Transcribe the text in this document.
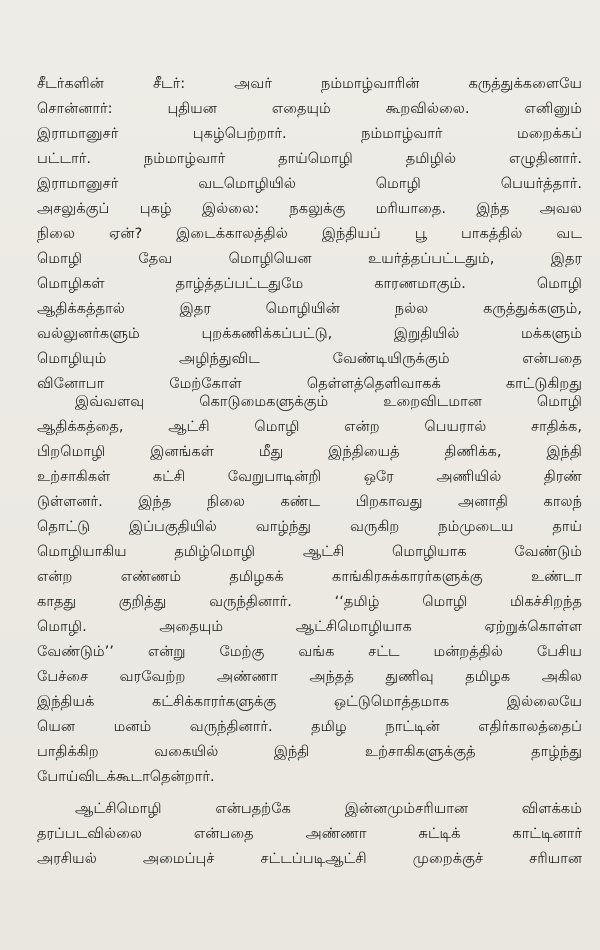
சீடர்களின் சீடர்: அவர் நம்மாழ்வாரின் கருத்துக்களையே
சொன்னார்: புதியன எதையும் கூறவில்லை. எனினும்
இராமானுசர் புகழ்பெற்றார். நம்மாழ்வார் மறைக்கப்
பட்டார். நம்மாழ்வார் தாய்மொழி தமிழில் எழுதினார்.
இராமானுசர் வடமொழியில் மொழி பெயர்த்தார்.
அசலுக்குப் புகழ் இல்லை: நகலுக்கு மரியாதை. இந்த அவல
நிலை ஏன்? இடைக்காலத்தில் இந்தியப் பூ பாகத்தில் வட
மொழி தேவ மொழியென உயர்த்தப்பட்டதும், இதர
மொழிகள் தாழ்த்தப்பட்டதுமே காரணமாகும். மொழி
ஆதிக்கத்தால் இதர மொழியின் நல்ல கருத்துக்களும்,
வல்லுனர்களும் புறக்கணிக்கப்பட்டு, இறுதியில் மக்களும்
மொழியும் அழிந்துவிட வேண்டியிருக்கும் என்பதை
வினோபா மேற்கோள் தெள்ளத்தெளிவாகக் காட்டுகிறது
இவ்வளவு கொடுமைகளுக்கும் உறைவிடமான மொழி
ஆதிக்கத்தை, ஆட்சி மொழி என்ற பெயரால் சாதிக்க,
பிறமொழி இனங்கள் மீது இந்தியைத் திணிக்க, இந்தி
உற்சாகிகள் கட்சி வேறுபாடின்றி ஒரே அணியில் திரண்
டுள்ளனர். இந்த நிலை கண்ட பிறகாவது அனாதி காலந்
தொட்டு இப்பகுதியில் வாழ்ந்து வருகிற நம்முடைய தாய்
மொழியாகிய தமிழ்மொழி ஆட்சி மொழியாக வேண்டும்
என்ற எண்ணம் தமிழகக் காங்கிரசுக்காரர்களுக்கு உண்டா
காதது குறித்து வருந்தினார். ‘‘தமிழ் மொழி மிகச்சிறந்த
மொழி. அதையும் ஆட்சிமொழியாக ஏற்றுக்கொள்ள
வேண்டும்’’ என்று மேற்கு வங்க சட்ட மன்றத்தில் பேசிய
பேச்சை வரவேற்ற அண்ணா அந்தத் துணிவு தமிழக அகில
இந்தியக் கட்சிக்காரர்களுக்கு ஒட்டுமொத்தமாக இல்லையே
யென மனம் வருந்தினார். தமிழ நாட்டின் எதிர்காலத்தைப்
பாதிக்கிற வகையில் இந்தி உற்சாகிகளுக்குத் தாழ்ந்து
போய்விடக்கூடாதென்றார்.
ஆட்சிமொழி என்பதற்கே இன்னமும்சரியான விளக்கம்
தரப்படவில்லை என்பதை அண்ணா சுட்டிக் காட்டினார்
அரசியல் அமைப்புச் சட்டப்படிஆட்சி முறைக்குச் சரியான
